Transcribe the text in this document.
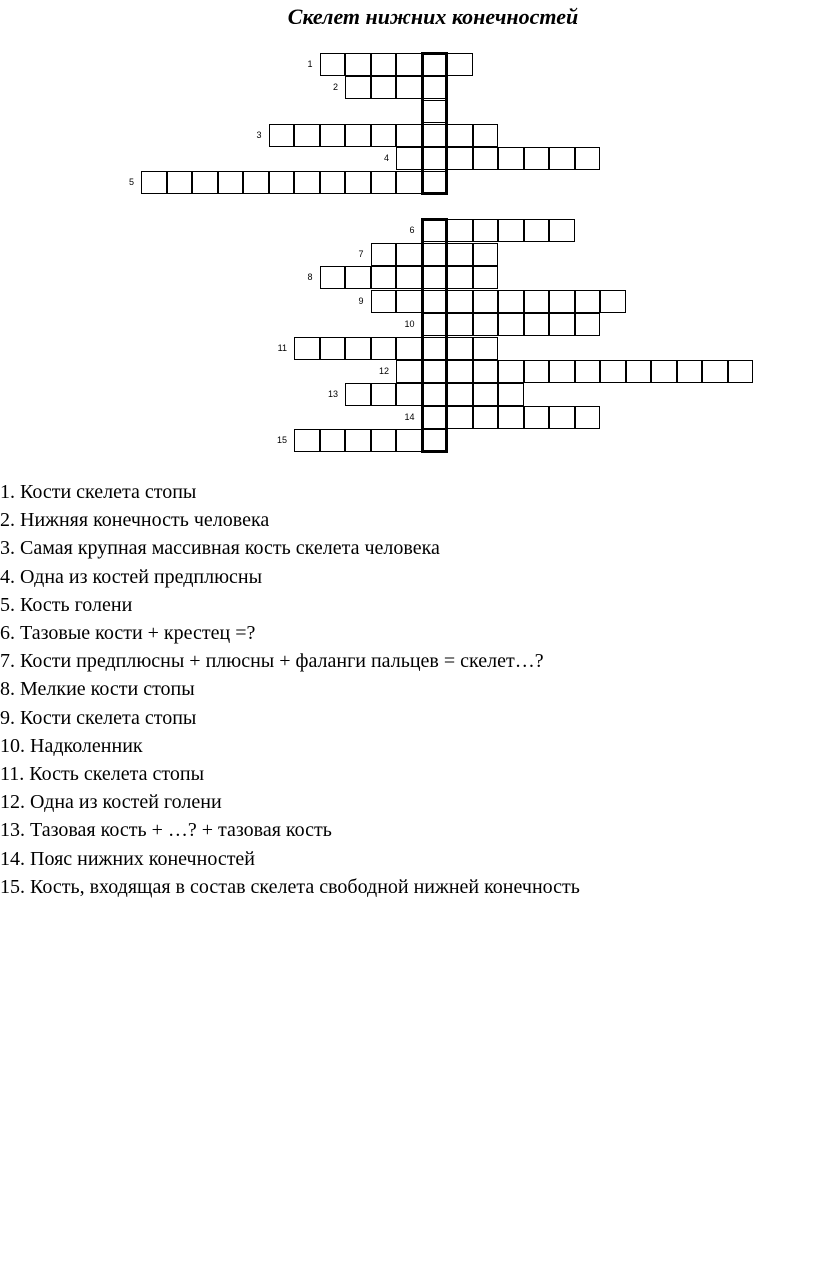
Скелет нижних конечностей
1
2
3
4
5
6
7
8
9
10
11
12
13
14
15
1. Кости скелета стопы
2. Нижняя конечность человека
3. Самая крупная массивная кость скелета человека
4. Одна из костей предплюсны
5. Кость голени
6. Тазовые кости + крестец =?
7. Кости предплюсны + плюсны + фаланги пальцев = скелет…?
8. Мелкие кости стопы
9. Кости скелета стопы
10. Надколенник
11. Кость скелета стопы
12. Одна из костей голени
13. Тазовая кость + …? + тазовая кость
14. Пояс нижних конечностей
15. Кость, входящая в состав скелета свободной нижней конечность
